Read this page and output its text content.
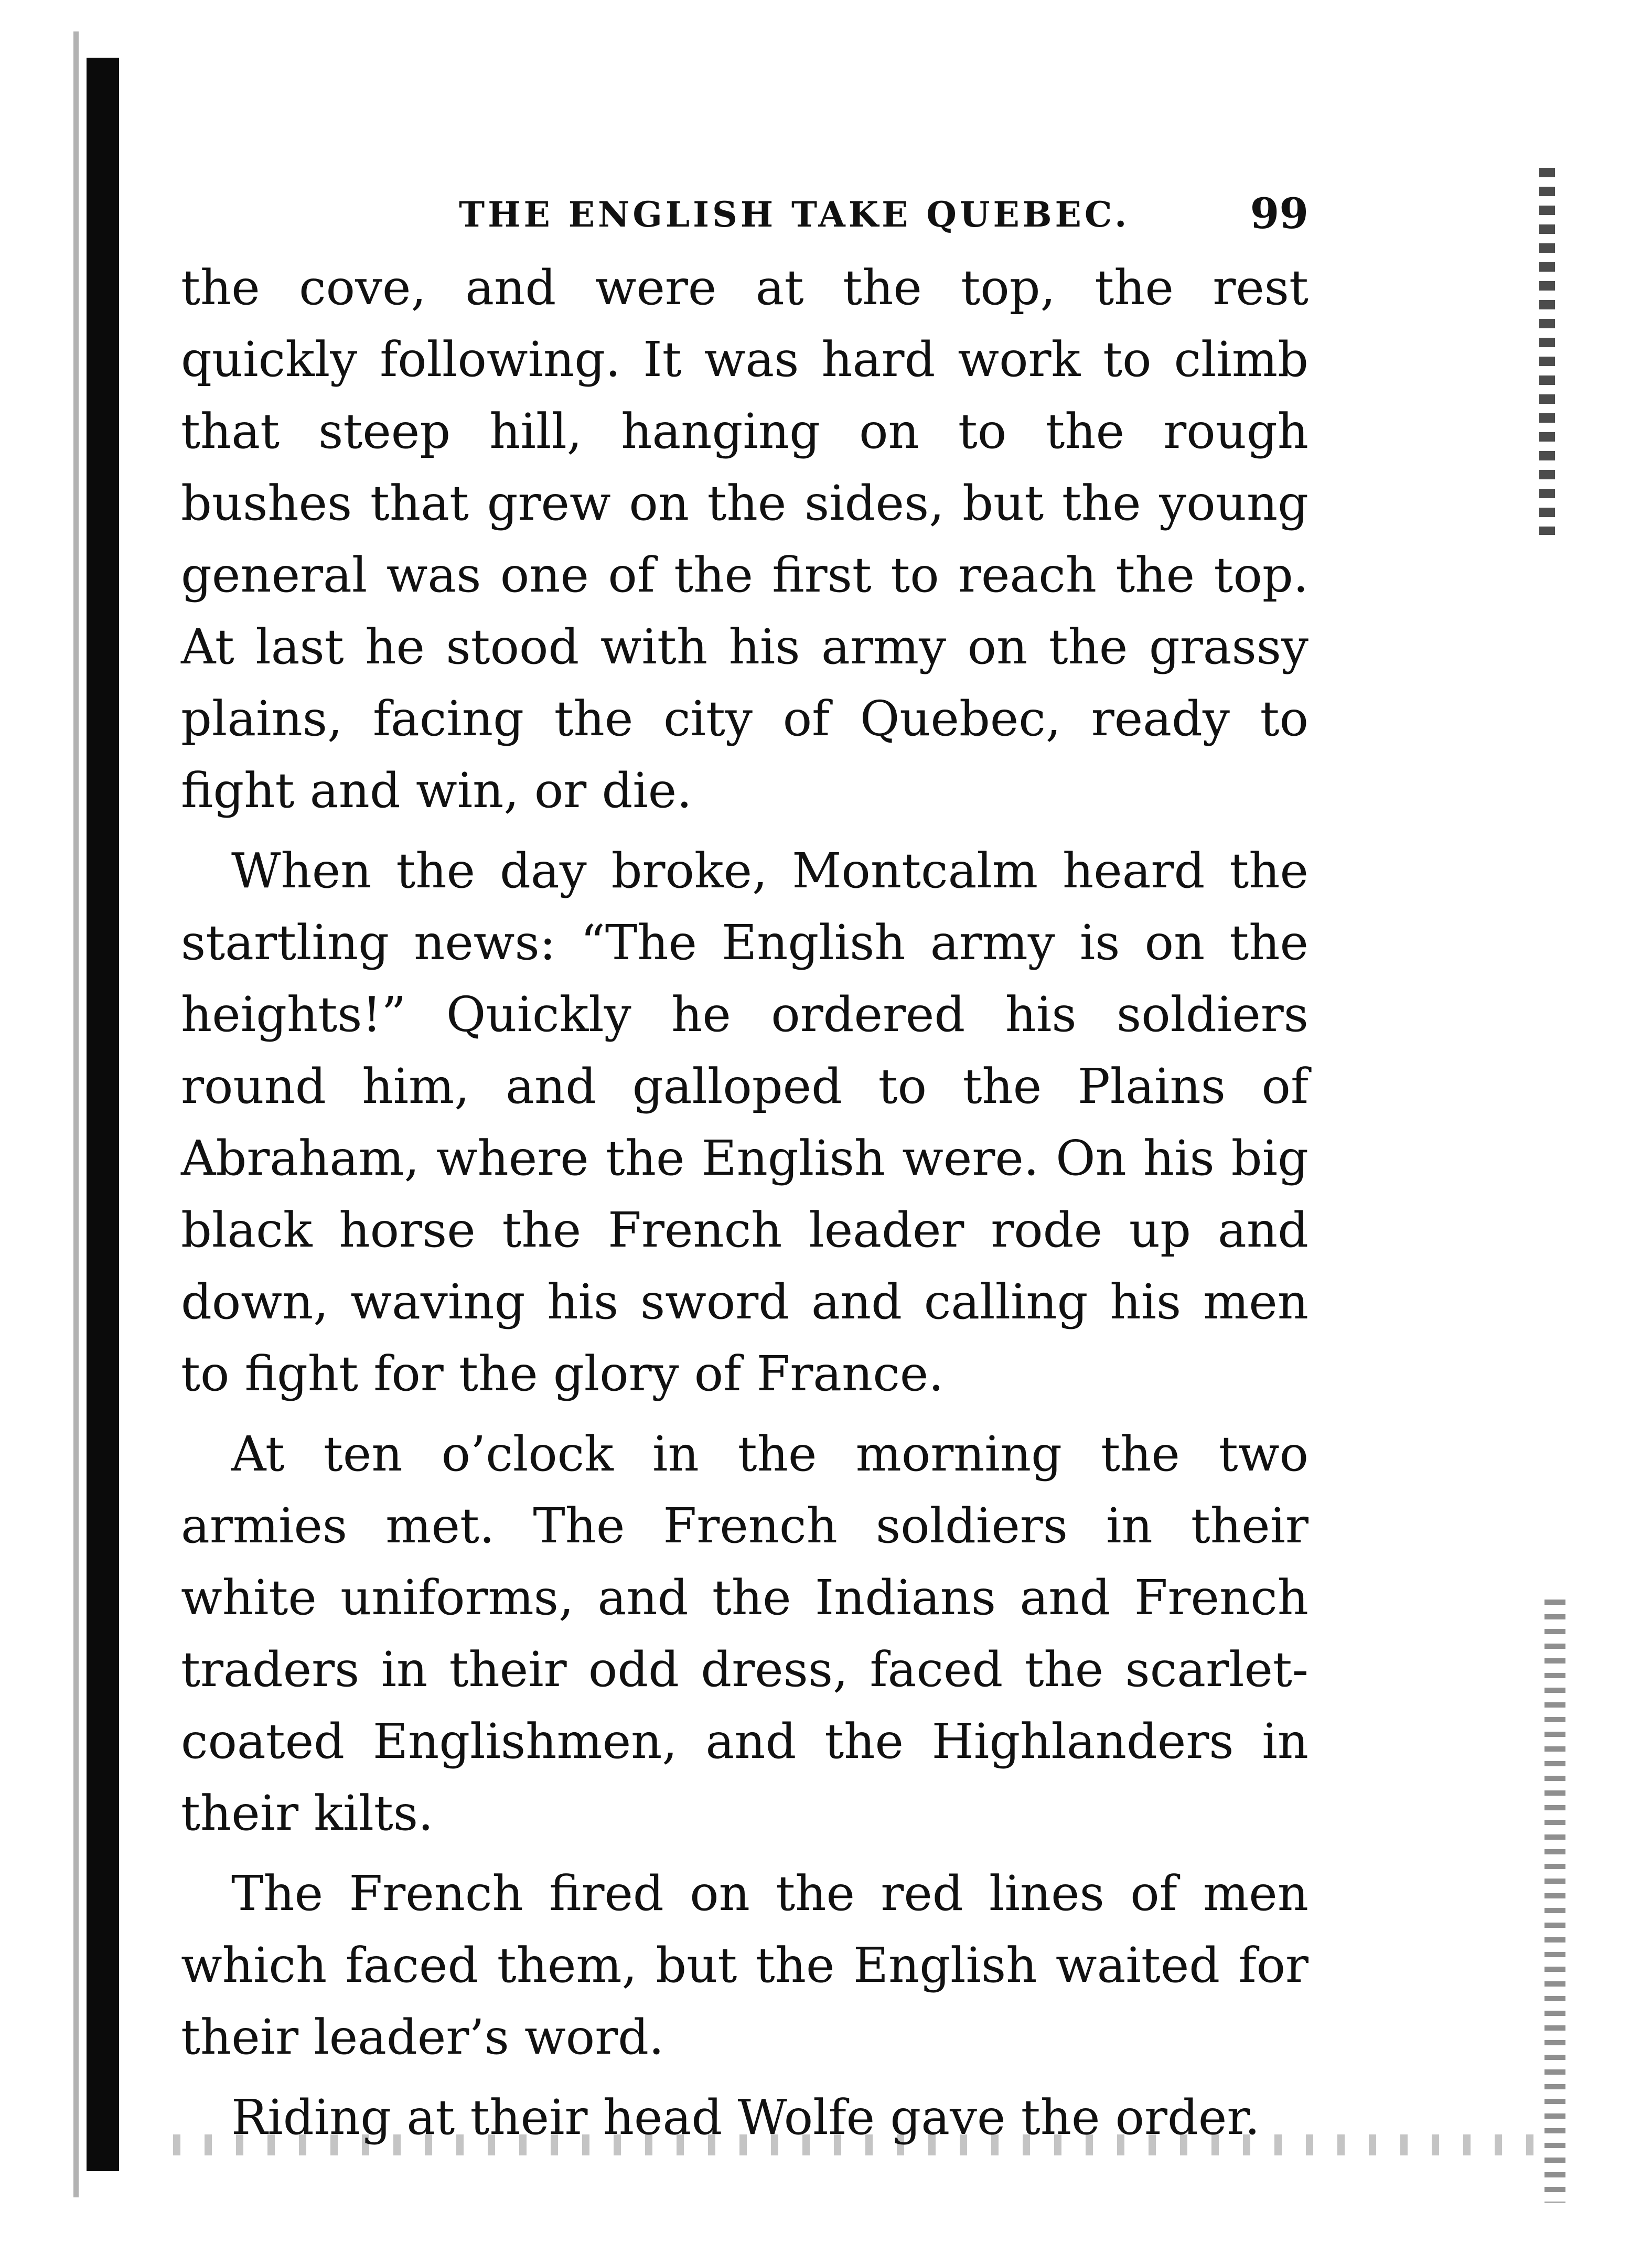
THE ENGLISH TAKE QUEBEC.	99

the cove, and were at the top, the rest quickly following. It was hard work to climb that steep hill, hanging on to the rough bushes that grew on the sides, but the young general was one of the first to reach the top. At last he stood with his army on the grassy plains, facing the city of Quebec, ready to fight and win, or die.

When the day broke, Montcalm heard the startling news: “The English army is on the heights!” Quickly he ordered his soldiers round him, and galloped to the Plains of Abraham, where the English were. On his big black horse the French leader rode up and down, waving his sword and calling his men to fight for the glory of France.

At ten o’clock in the morning the two armies met. The French soldiers in their white uniforms, and the Indians and French traders in their odd dress, faced the scarlet-coated Englishmen, and the Highlanders in their kilts.

The French fired on the red lines of men which faced them, but the English waited for their leader’s word.

Riding at their head Wolfe gave the order.
